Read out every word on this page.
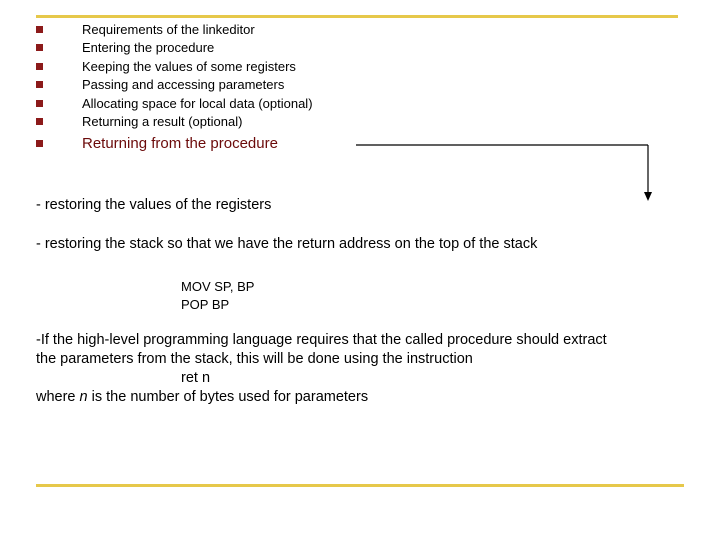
Requirements of the linkeditor
Entering the procedure
Keeping the values of some registers
Passing and accessing parameters
Allocating space for local data (optional)
Returning a result (optional)
Returning from the procedure
- restoring the values of the registers
- restoring the stack so that we have the return address on the top of the stack
MOV SP, BP
POP BP
-If the high-level programming language requires that the called procedure should extract
the parameters from the stack, this will be done using the instruction
ret n
where n is the number of bytes used for parameters
